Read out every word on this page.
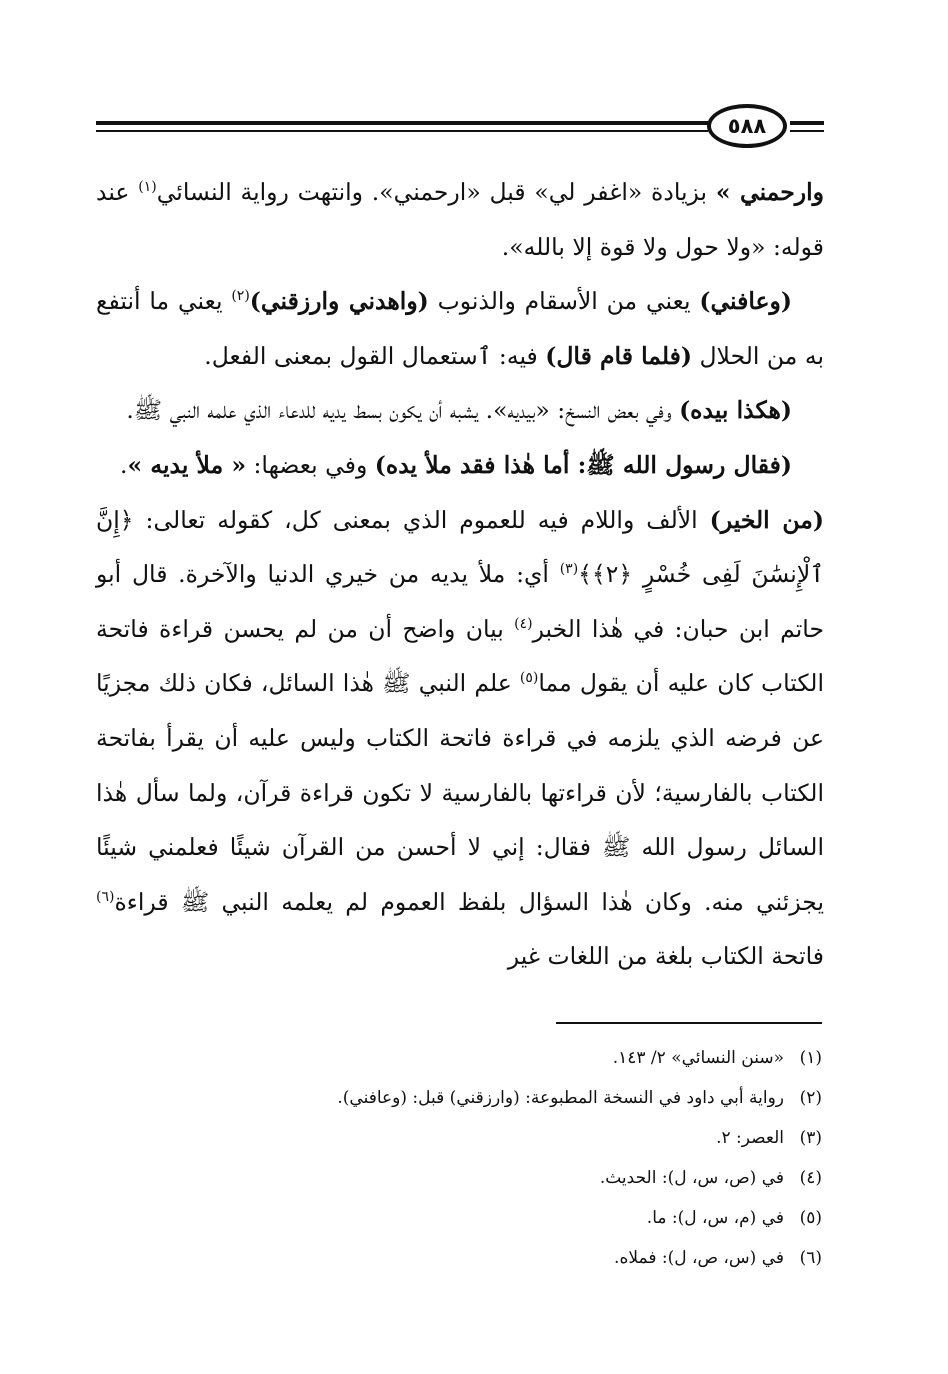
٥٨٨

وارحمني » بزيادة «اغفر لي» قبل «ارحمني». وانتهت رواية النسائي$^{(١)}$ عند قوله: «ولا حول ولا قوة إلا بالله».

(وعافني) يعني من الأسقام والذنوب (واهدني وارزقني)$^{(٢)}$ يعني ما أنتفع به من الحلال (فلما قام قال) فيه: ٱستعمال القول بمعنى الفعل.

(هكذا بيده) وفي بعض النسخ: «بيديه». يشبه أن يكون بسط يديه للدعاء الذي علمه النبي ﷺ.

(فقال رسول الله ﷺ: أما هٰذا فقد ملأ يده) وفي بعضها: « ملأ يديه ».

(من الخير) الألف واللام فيه للعموم الذي بمعنى كل، كقوله تعالى: ﴿إِنَّ ٱلْإِنسَٰنَ لَفِى خُسْرٍ ﴿٢﴾﴾$^{(٣)}$ أي: ملأ يديه من خيري الدنيا والآخرة. قال أبو حاتم ابن حبان: في هٰذا الخبر$^{(٤)}$ بيان واضح أن من لم يحسن قراءة فاتحة الكتاب كان عليه أن يقول مما$^{(٥)}$ علم النبي ﷺ هٰذا السائل، فكان ذلك مجزيًا عن فرضه الذي يلزمه في قراءة فاتحة الكتاب وليس عليه أن يقرأ بفاتحة الكتاب بالفارسية؛ لأن قراءتها بالفارسية لا تكون قراءة قرآن، ولما سأل هٰذا السائل رسول الله ﷺ فقال: إني لا أحسن من القرآن شيئًا فعلمني شيئًا يجزئني منه. وكان هٰذا السؤال بلفظ العموم لم يعلمه النبي ﷺ قراءة$^{(٦)}$ فاتحة الكتاب بلغة من اللغات غير

(١)
«سنن النسائي» ٢/ ١٤٣.
(٢)
رواية أبي داود في النسخة المطبوعة: (وارزقني) قبل: (وعافني).
(٣)
العصر: ٢.
(٤)
في (ص، س، ل): الحديث.
(٥)
في (م، س، ل): ما.
(٦)
في (س، ص، ل): فملاه.
